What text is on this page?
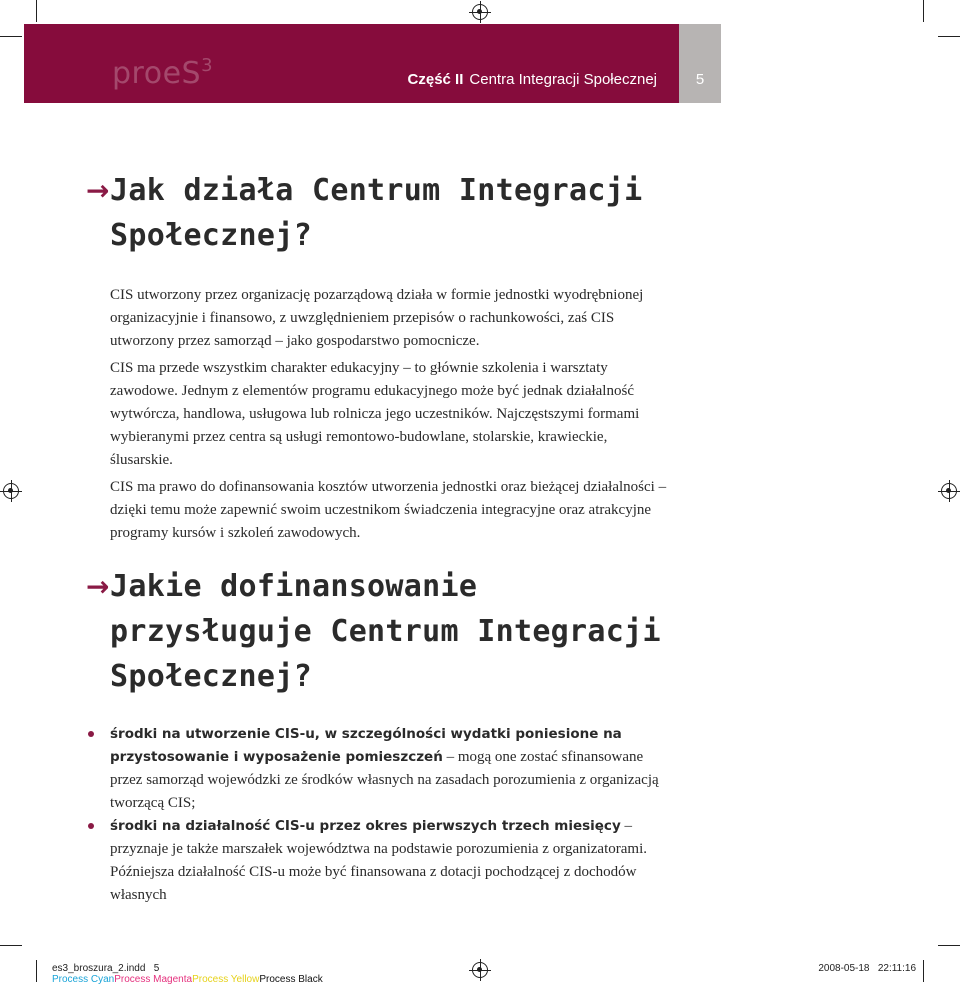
proeS$^3$
Część II Centra Integracji Społecznej	5
→ Jak działa Centrum Integracji
Społecznej?

CIS utworzony przez organizację pozarządową działa w formie jednostki wyodrębnionej organizacyjnie i finansowo, z uwzględnieniem przepisów o rachunkowości, zaś CIS utworzony przez samorząd – jako gospodarstwo pomocnicze.

CIS ma przede wszystkim charakter edukacyjny – to głównie szkolenia i warsztaty zawodowe. Jednym z elementów programu edukacyjnego może być jednak działalność wytwórcza, handlowa, usługowa lub rolnicza jego uczestników. Najczęstszymi formami wybieranymi przez centra są usługi remontowo-budowlane, stolarskie, krawieckie, ślusarskie.

CIS ma prawo do dofinansowania kosztów utworzenia jednostki oraz bieżącej działalności – dzięki temu może zapewnić swoim uczestnikom świadczenia integracyjne oraz atrakcyjne programy kursów i szkoleń zawodowych.

→ Jakie dofinansowanie
przysługuje Centrum Integracji
Społecznej?
środki na utworzenie CIS-u, w szczególności wydatki poniesione na przystosowanie i wyposażenie pomieszczeń – mogą one zostać sfinansowane przez samorząd wojewódzki ze środków własnych na zasadach porozumienia z organizacją tworzącą CIS;
środki na działalność CIS-u przez okres pierwszych trzech miesięcy – przyznaje je także marszałek województwa na podstawie porozumienia z organizatorami. Późniejsza działalność CIS-u może być finansowana z dotacji pochodzącej z dochodów własnych
es3_broszura_2.indd   5	2008-05-18   22:11:16
Process CyanProcess MagentaProcess YellowProcess Black
